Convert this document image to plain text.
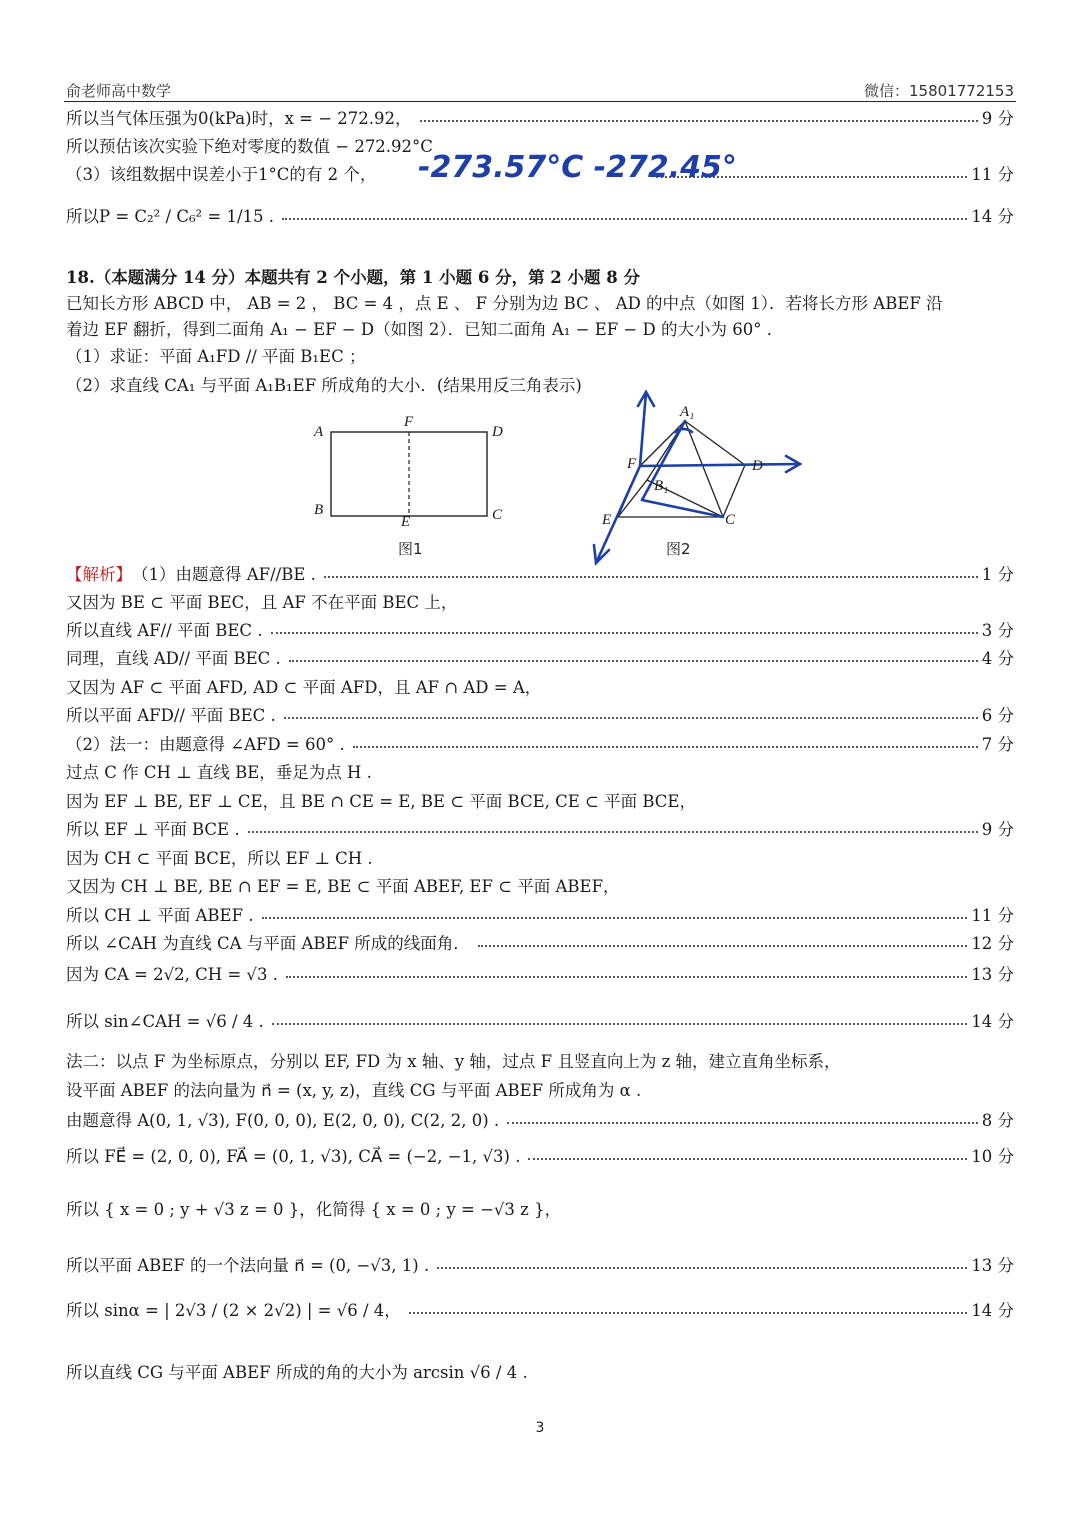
俞老师高中数学	微信：15801772153
所以当气体压强为0(kPa)时，x = − 272.92，	9 分
所以预估该次实验下绝对零度的数值 − 272.92°C
（3）该组数据中误差小于1°C的有 2 个，	11 分
-273.57°C -272.45°
所以P = C₂² / C₆² = 1/15 .	14 分
18.（本题满分 14 分）本题共有 2 个小题，第 1 小题 6 分，第 2 小题 8 分
已知长方形 ABCD 中， AB = 2 ， BC = 4 ，点 E 、 F 分别为边 BC 、 AD 的中点（如图 1）．若将长方形 ABEF 沿
着边 EF 翻折，得到二面角 A₁ − EF − D（如图 2）．已知二面角 A₁ − EF − D 的大小为 60° ．
（1）求证：平面 A₁FD // 平面 B₁EC ；
（2）求直线 CA₁ 与平面 A₁B₁EF 所成角的大小．(结果用反三角表示)
A
F
D
B
E	C
图1
A₁
F	D
B₁
E	C
图2
【解析】 （1）由题意得 AF//BE .	1 分
又因为 BE ⊂ 平面 BEC，且 AF 不在平面 BEC 上，
所以直线 AF// 平面 BEC .	3 分
同理，直线 AD// 平面 BEC .	4 分
又因为 AF ⊂ 平面 AFD, AD ⊂ 平面 AFD，且 AF ∩ AD = A，
所以平面 AFD// 平面 BEC .	6 分
（2）法一：由题意得 ∠AFD = 60° .	7 分
过点 C 作 CH ⊥ 直线 BE，垂足为点 H .
因为 EF ⊥ BE, EF ⊥ CE，且 BE ∩ CE = E, BE ⊂ 平面 BCE, CE ⊂ 平面 BCE，
所以 EF ⊥ 平面 BCE .	9 分
因为 CH ⊂ 平面 BCE，所以 EF ⊥ CH .
又因为 CH ⊥ BE, BE ∩ EF = E, BE ⊂ 平面 ABEF, EF ⊂ 平面 ABEF，
所以 CH ⊥ 平面 ABEF .	11 分
所以 ∠CAH 为直线 CA 与平面 ABEF 所成的线面角．	12 分
因为 CA = 2√2, CH = √3 .	13 分
所以 sin∠CAH = √6 / 4 .	14 分
法二：以点 F 为坐标原点，分别以 EF, FD 为 x 轴、y 轴，过点 F 且竖直向上为 z 轴，建立直角坐标系，
设平面 ABEF 的法向量为 n⃗ = (x, y, z)，直线 CG 与平面 ABEF 所成角为 α .
由题意得 A(0, 1, √3), F(0, 0, 0), E(2, 0, 0), C(2, 2, 0) .	8 分
所以 FE⃗ = (2, 0, 0), FA⃗ = (0, 1, √3), CA⃗ = (−2, −1, √3) .	10 分
所以 { x = 0 ; y + √3 z = 0 }，化简得 { x = 0 ; y = −√3 z }，
所以平面 ABEF 的一个法向量 n⃗ = (0, −√3, 1) .	13 分
所以 sinα = | 2√3 / (2 × 2√2) | = √6 / 4，	14 分
所以直线 CG 与平面 ABEF 所成的角的大小为 arcsin √6 / 4 .
3
